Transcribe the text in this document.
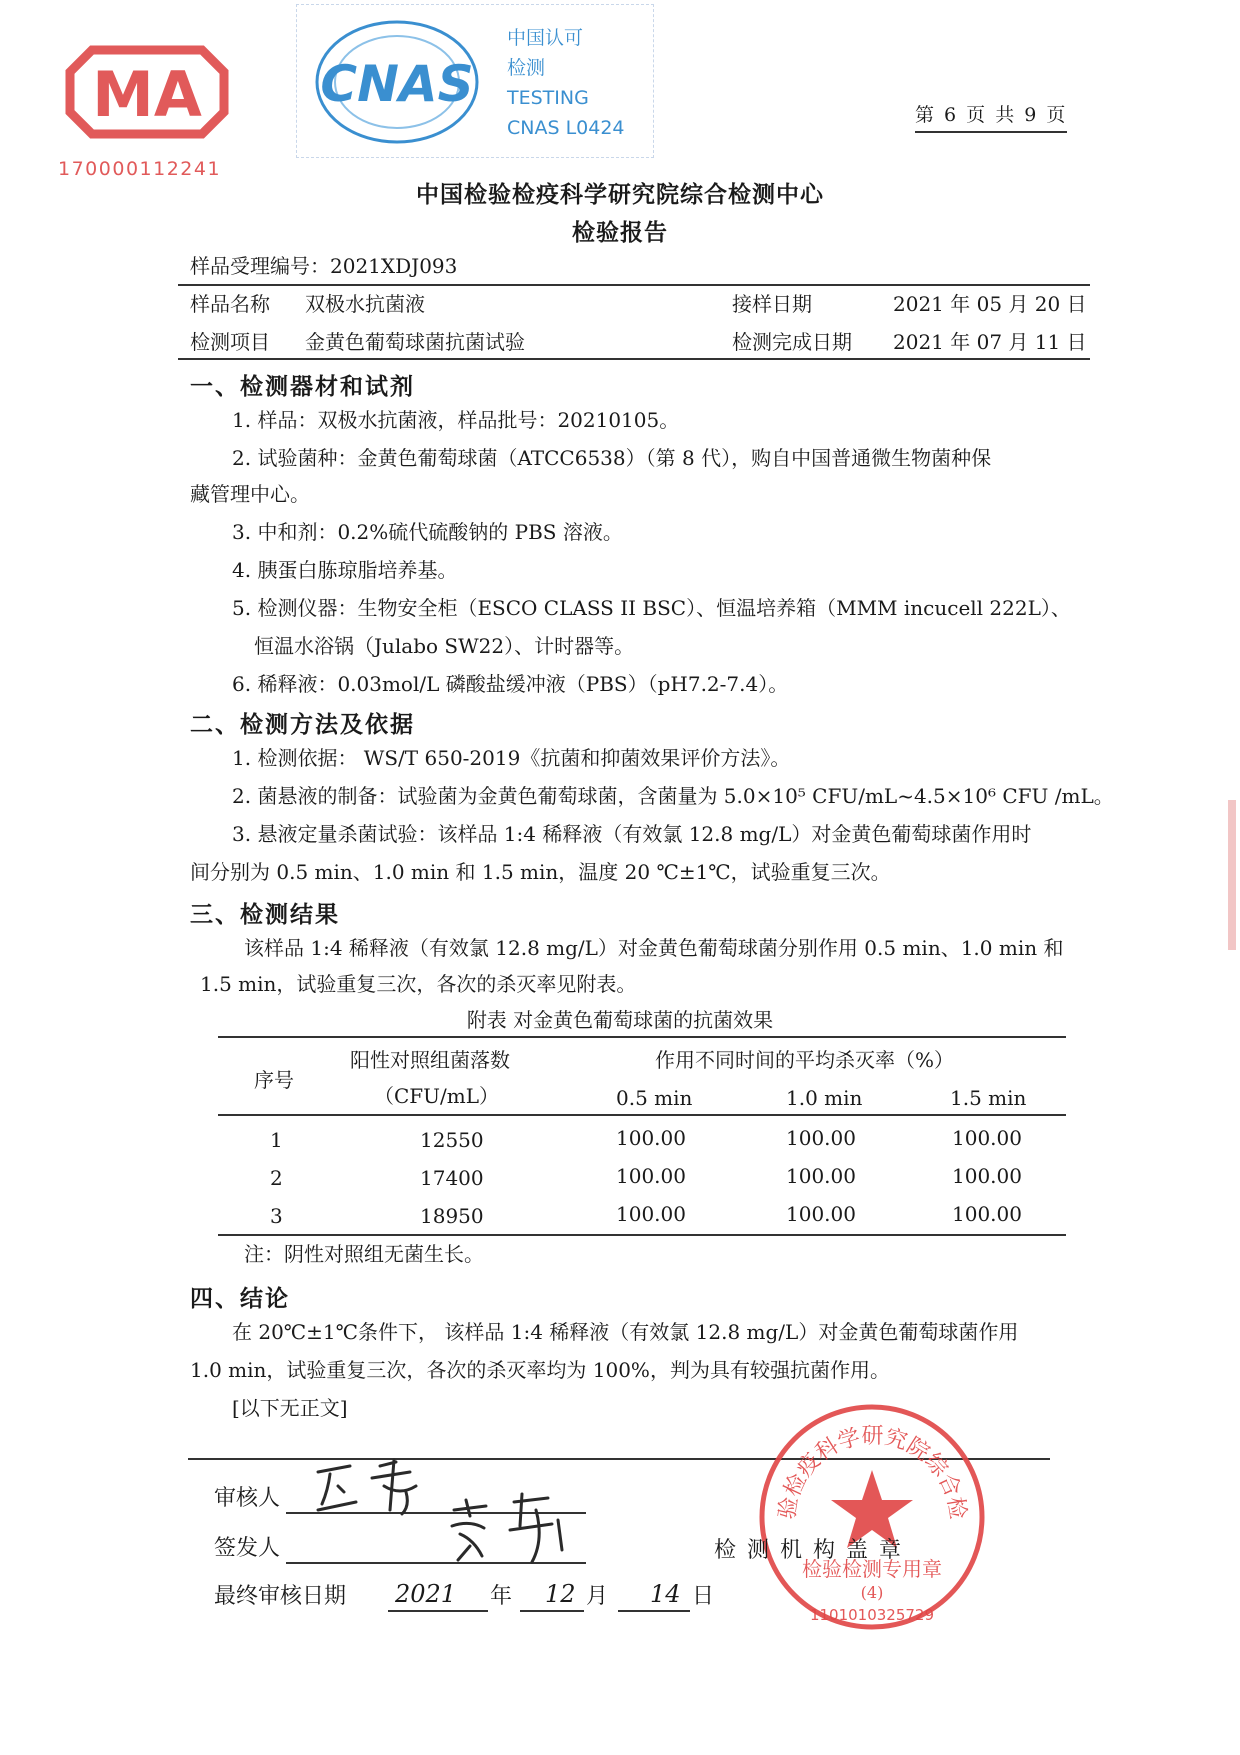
MA
170000112241
CNAS
中国认可
检测
TESTING
CNAS L0424
第 6 页 共 9 页
中国检验检疫科学研究院综合检测中心
检验报告
样品受理编号：2021XDJ093
样品名称 双极水抗菌液	接样日期	2021 年 05 月 20 日
检测项目 金黄色葡萄球菌抗菌试验	检测完成日期 2021 年 07 月 11 日
一、检测器材和试剂
1. 样品：双极水抗菌液，样品批号：20210105。
2. 试验菌种：金黄色葡萄球菌（ATCC6538）（第 8 代），购自中国普通微生物菌种保
藏管理中心。
3. 中和剂：0.2%硫代硫酸钠的 PBS 溶液。
4. 胰蛋白胨琼脂培养基。
5. 检测仪器：生物安全柜（ESCO CLASS II BSC）、恒温培养箱（MMM incucell 222L）、
恒温水浴锅（Julabo SW22）、计时器等。
6. 稀释液：0.03mol/L 磷酸盐缓冲液（PBS）（pH7.2-7.4）。
二、检测方法及依据
1. 检测依据： WS/T 650-2019《抗菌和抑菌效果评价方法》。
2. 菌悬液的制备：试验菌为金黄色葡萄球菌，含菌量为 5.0×10⁵ CFU/mL~4.5×10⁶ CFU /mL。
3. 悬液定量杀菌试验：该样品 1:4 稀释液（有效氯 12.8 mg/L）对金黄色葡萄球菌作用时
间分别为 0.5 min、1.0 min 和 1.5 min，温度 20 ℃±1℃，试验重复三次。
三、检测结果
该样品 1:4 稀释液（有效氯 12.8 mg/L）对金黄色葡萄球菌分别作用 0.5 min、1.0 min 和
1.5 min，试验重复三次，各次的杀灭率见附表。
附表 对金黄色葡萄球菌的抗菌效果
序号
阳性对照组菌落数
（CFU/mL）
作用不同时间的平均杀灭率（%）
0.5 min	1.0 min	1.5 min
1	12550	100.00	100.00	100.00
2	17400	100.00	100.00	100.00
3	18950	100.00	100.00	100.00
注：阴性对照组无菌生长。
四、结论
在 20℃±1℃条件下， 该样品 1:4 稀释液（有效氯 12.8 mg/L）对金黄色葡萄球菌作用
1.0 min，试验重复三次，各次的杀灭率均为 100%，判为具有较强抗菌作用。
[以下无正文]
验检疫科学研究院综合检
检验检测专用章
(4)
1101010325729
审核人
签发人	检 测 机 构 盖 章
最终审核日期 2021 年 12 月 14 日
